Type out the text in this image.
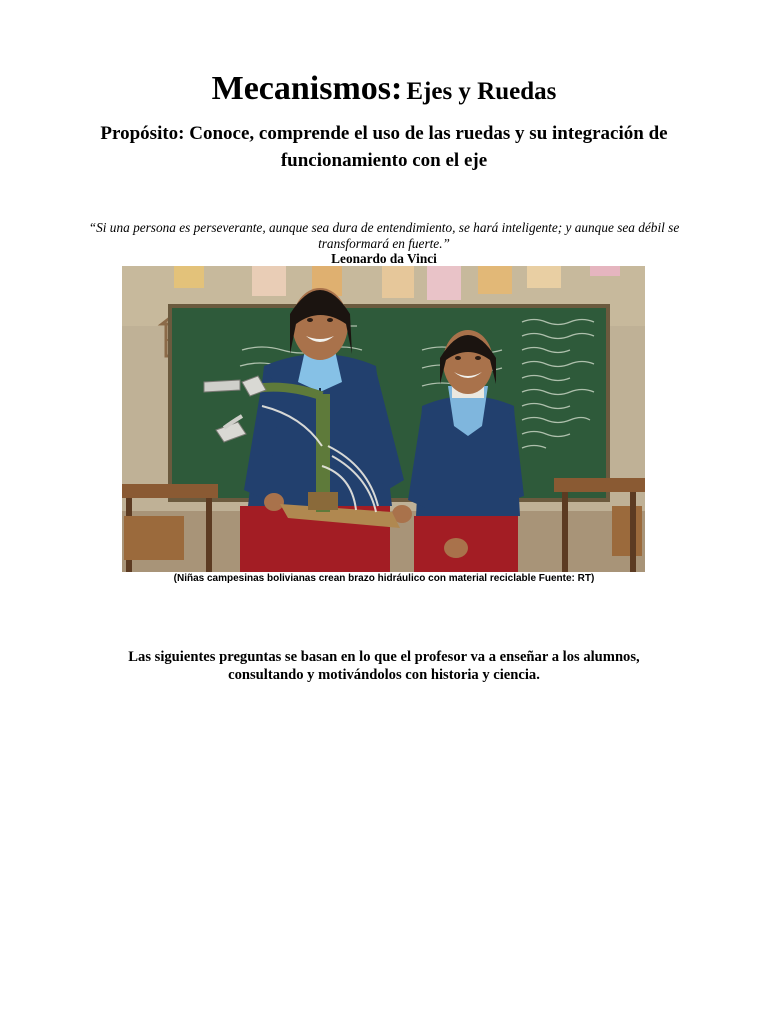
Mecanismos: Ejes y Ruedas
Propósito: Conoce, comprende el uso de las ruedas y su integración de funcionamiento con el eje
“Si una persona es perseverante, aunque sea dura de entendimiento, se hará inteligente; y aunque sea débil se transformará en fuerte.”
Leonardo da Vinci
(Niñas campesinas bolivianas crean brazo hidráulico con material reciclable Fuente: RT)
Las siguientes preguntas se basan en lo que el profesor va a enseñar a los alumnos, consultando y motivándolos con historia y ciencia.
